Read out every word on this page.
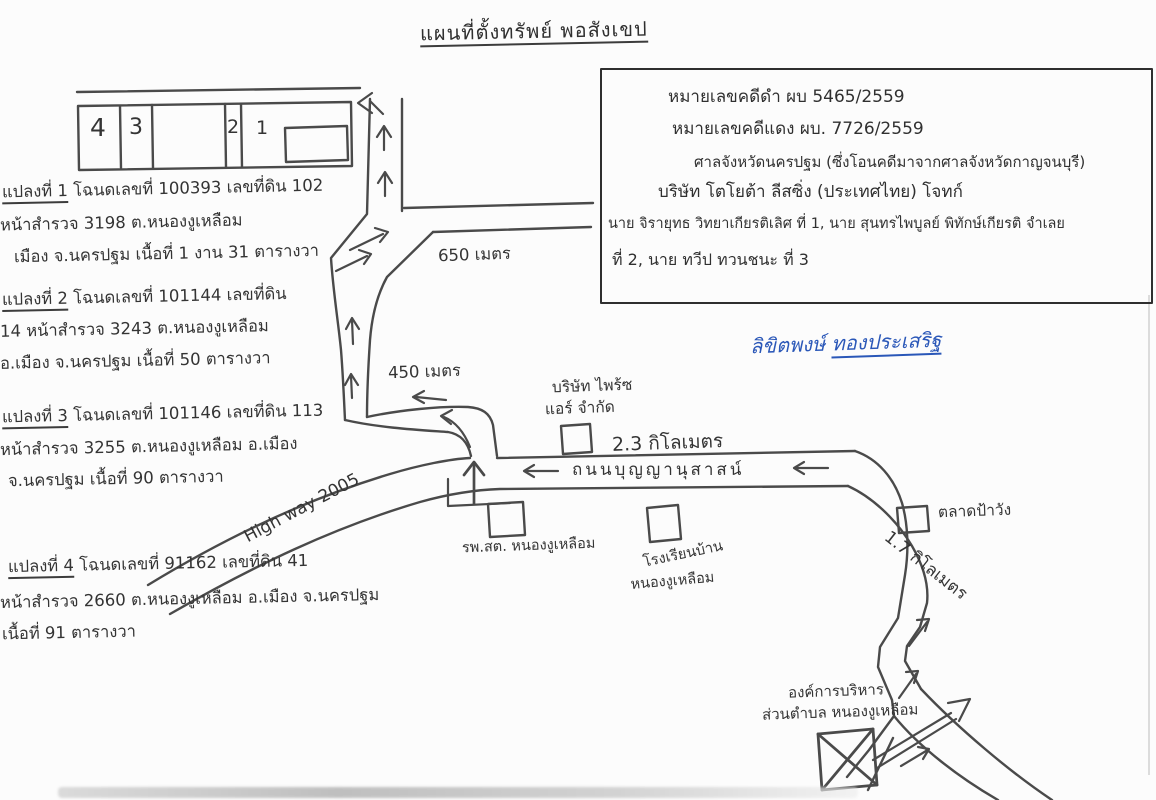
แผนที่ตั้งทรัพย์ พอสังเขป
หมายเลขคดีดำ ผบ 5465/2559
หมายเลขคดีแดง ผบ. 7726/2559
ศาลจังหวัดนครปฐม (ซึ่งโอนคดีมาจากศาลจังหวัดกาญจนบุรี)
บริษัท โตโยต้า ลีสซิ่ง (ประเทศไทย) โจทก์
นาย จิรายุทธ วิทยาเกียรติเลิศ ที่ 1, นาย สุนทรไพบูลย์ พิทักษ์เกียรติ จำเลย
ที่ 2, นาย ทวีป ทวนชนะ ที่ 3
4 3	2 1
แปลงที่ 1 โฉนดเลขที่ 100393 เลขที่ดิน 102
หน้าสำรวจ 3198 ต.หนองงูเหลือม
เมือง จ.นครปฐม เนื้อที่ 1 งาน 31 ตารางวา
แปลงที่ 2 โฉนดเลขที่ 101144 เลขที่ดิน
14 หน้าสำรวจ 3243 ต.หนองงูเหลือม
อ.เมือง จ.นครปฐม เนื้อที่ 50 ตารางวา
แปลงที่ 3 โฉนดเลขที่ 101146 เลขที่ดิน 113
หน้าสำรวจ 3255 ต.หนองงูเหลือม อ.เมือง
จ.นครปฐม เนื้อที่ 90 ตารางวา
แปลงที่ 4 โฉนดเลขที่ 91162 เลขที่ดิน 41
หน้าสำรวจ 2660 ต.หนองงูเหลือม อ.เมือง จ.นครปฐม
เนื้อที่ 91 ตารางวา
650 เมตร
450 เมตร
2.3 กิโลเมตร
1.7 กิโลเมตร
High way 2005	ถนนบุญญานุสาสน์
บริษัท ไพร้ซ
แอร์ จำกัด
รพ.สต. หนองงูเหลือม	โรงเรียนบ้าน
หนองงูเหลือม
ตลาดป้าวัง
องค์การบริหาร
ส่วนตำบล หนองงูเหลือม
ลิขิตพงษ์ ทองประเสริฐ
